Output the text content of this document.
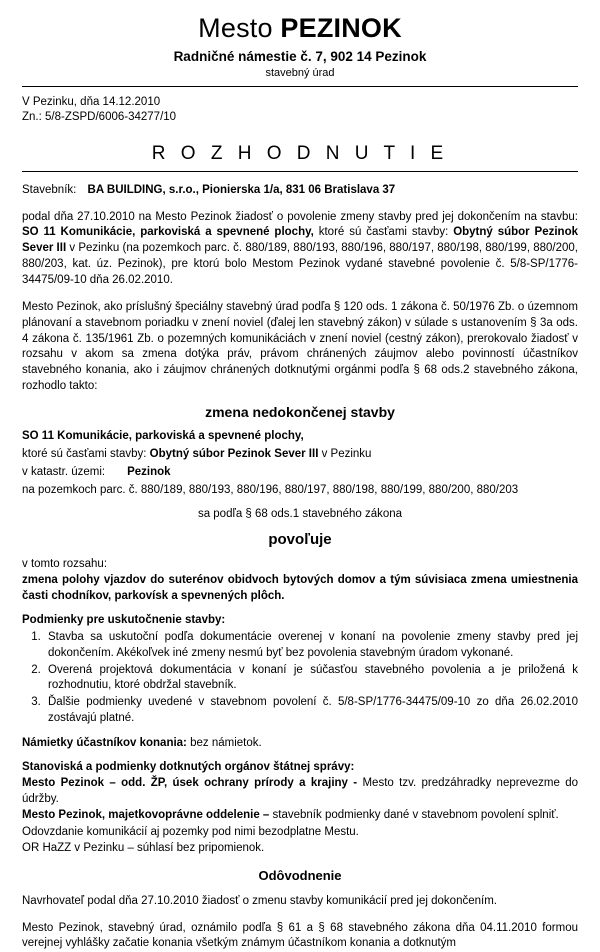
Mesto PEZINOK
Radničné námestie č. 7, 902 14 Pezinok
stavebný úrad
V Pezinku, dňa 14.12.2010
Zn.: 5/8-ZSPD/6006-34277/10
R O Z H O D N U T I E
Stavebník: BA BUILDING, s.r.o., Pionierska 1/a, 831 06 Bratislava 37
podal dňa 27.10.2010 na Mesto Pezinok žiadosť o povolenie zmeny stavby pred jej dokončením na stavbu: SO 11 Komunikácie, parkoviská a spevnené plochy, ktoré sú časťami stavby: Obytný súbor Pezinok Sever III v Pezinku (na pozemkoch parc. č. 880/189, 880/193, 880/196, 880/197, 880/198, 880/199, 880/200, 880/203, kat. úz. Pezinok), pre ktorú bolo Mestom Pezinok vydané stavebné povolenie č. 5/8-SP/1776-34475/09-10 dňa 26.02.2010.
Mesto Pezinok, ako príslušný špeciálny stavebný úrad podľa § 120 ods. 1 zákona č. 50/1976 Zb. o územnom plánovaní a stavebnom poriadku v znení noviel (ďalej len stavebný zákon) v súlade s ustanovením § 3a ods. 4 zákona č. 135/1961 Zb. o pozemných komunikáciách v znení noviel (cestný zákon), prerokovalo žiadosť v rozsahu v akom sa zmena dotýka práv, právom chránených záujmov alebo povinností účastníkov stavebného konania, ako i záujmov chránených dotknutými orgánmi podľa § 68 ods.2 stavebného zákona, rozhodlo takto:
zmena nedokončenej stavby
SO 11 Komunikácie, parkoviská a spevnené plochy,
ktoré sú časťami stavby: Obytný súbor Pezinok Sever III v Pezinku
v katastr. územi: Pezinok
na pozemkoch parc. č. 880/189, 880/193, 880/196, 880/197, 880/198, 880/199, 880/200, 880/203
sa podľa § 68 ods.1 stavebného zákona
povoľuje
v tomto rozsahu:
zmena polohy vjazdov do suterénov obidvoch bytových domov a tým súvisiaca zmena umiestnenia časti chodníkov, parkovísk a spevnených plôch.
Podmienky pre uskutočnenie stavby:
1. Stavba sa uskutoční podľa dokumentácie overenej v konaní na povolenie zmeny stavby pred jej dokončením. Akékoľvek iné zmeny nesmú byť bez povolenia stavebným úradom vykonané.
2. Overená projektová dokumentácia v konaní je súčasťou stavebného povolenia a je priložená k rozhodnutiu, ktoré obdržal stavebník.
3. Ďalšie podmienky uvedené v stavebnom povolení č. 5/8-SP/1776-34475/09-10 zo dňa 26.02.2010 zostávajú platné.
Námietky účastníkov konania: bez námietok.
Stanoviská a podmienky dotknutých orgánov štátnej správy:
Mesto Pezinok – odd. ŽP, úsek ochrany prírody a krajiny - Mesto tzv. predzáhradky neprevezme do údržby.
Mesto Pezinok, majetkovoprávne oddelenie – stavebník podmienky dané v stavebnom povolení splniť.
Odovzdanie komunikácií aj pozemky pod nimi bezodplatne Mestu.
OR HaZZ v Pezinku – súhlasí bez pripomienok.
Odôvodnenie
Navrhovateľ podal dňa 27.10.2010 žiadosť o zmenu stavby komunikácií pred jej dokončením.
Mesto Pezinok, stavebný úrad, oznámilo podľa § 61 a § 68 stavebného zákona dňa 04.11.2010 formou verejnej vyhlášky začatie konania všetkým známym účastníkom konania a dotknutým
